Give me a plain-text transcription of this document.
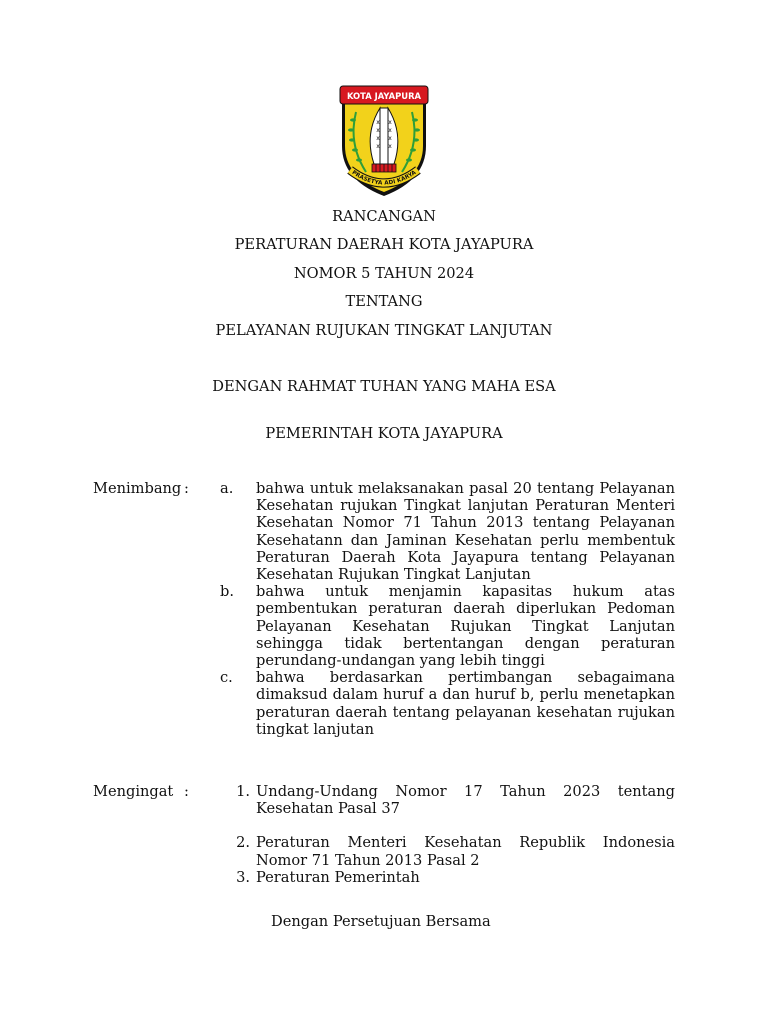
KOTA JAYAPURA
x x
x x
x x
x x
PRASETYA ADI KARYA
RANCANGAN
PERATURAN DAERAH KOTA JAYAPURA
NOMOR 5 TAHUN 2024
TENTANG
PELAYANAN RUJUKAN TINGKAT LANJUTAN
DENGAN RAHMAT TUHAN YANG MAHA ESA
PEMERINTAH KOTA JAYAPURA
Menimbang : a.	bahwa untuk melaksanakan pasal 20 tentang Pelayanan Kesehatan rujukan Tingkat lanjutan Peraturan Menteri Kesehatan Nomor 71 Tahun 2013 tentang Pelayanan Kesehatann dan Jaminan Kesehatan perlu membentuk Peraturan Daerah Kota Jayapura tentang Pelayanan Kesehatan Rujukan Tingkat Lanjutan
b.	bahwa untuk menjamin kapasitas hukum atas pembentukan peraturan daerah diperlukan Pedoman Pelayanan Kesehatan Rujukan Tingkat Lanjutan sehingga tidak bertentangan dengan peraturan perundang-undangan yang lebih tinggi
c.	bahwa berdasarkan pertimbangan sebagaimana dimaksud dalam huruf a dan huruf b, perlu menetapkan peraturan daerah tentang pelayanan kesehatan rujukan tingkat lanjutan
Mengingat :	1. Undang-Undang Nomor 17 Tahun 2023 tentang Kesehatan Pasal 37
2. Peraturan Menteri Kesehatan Republik Indonesia Nomor 71 Tahun 2013 Pasal 2
3. Peraturan Pemerintah
Dengan Persetujuan Bersama
